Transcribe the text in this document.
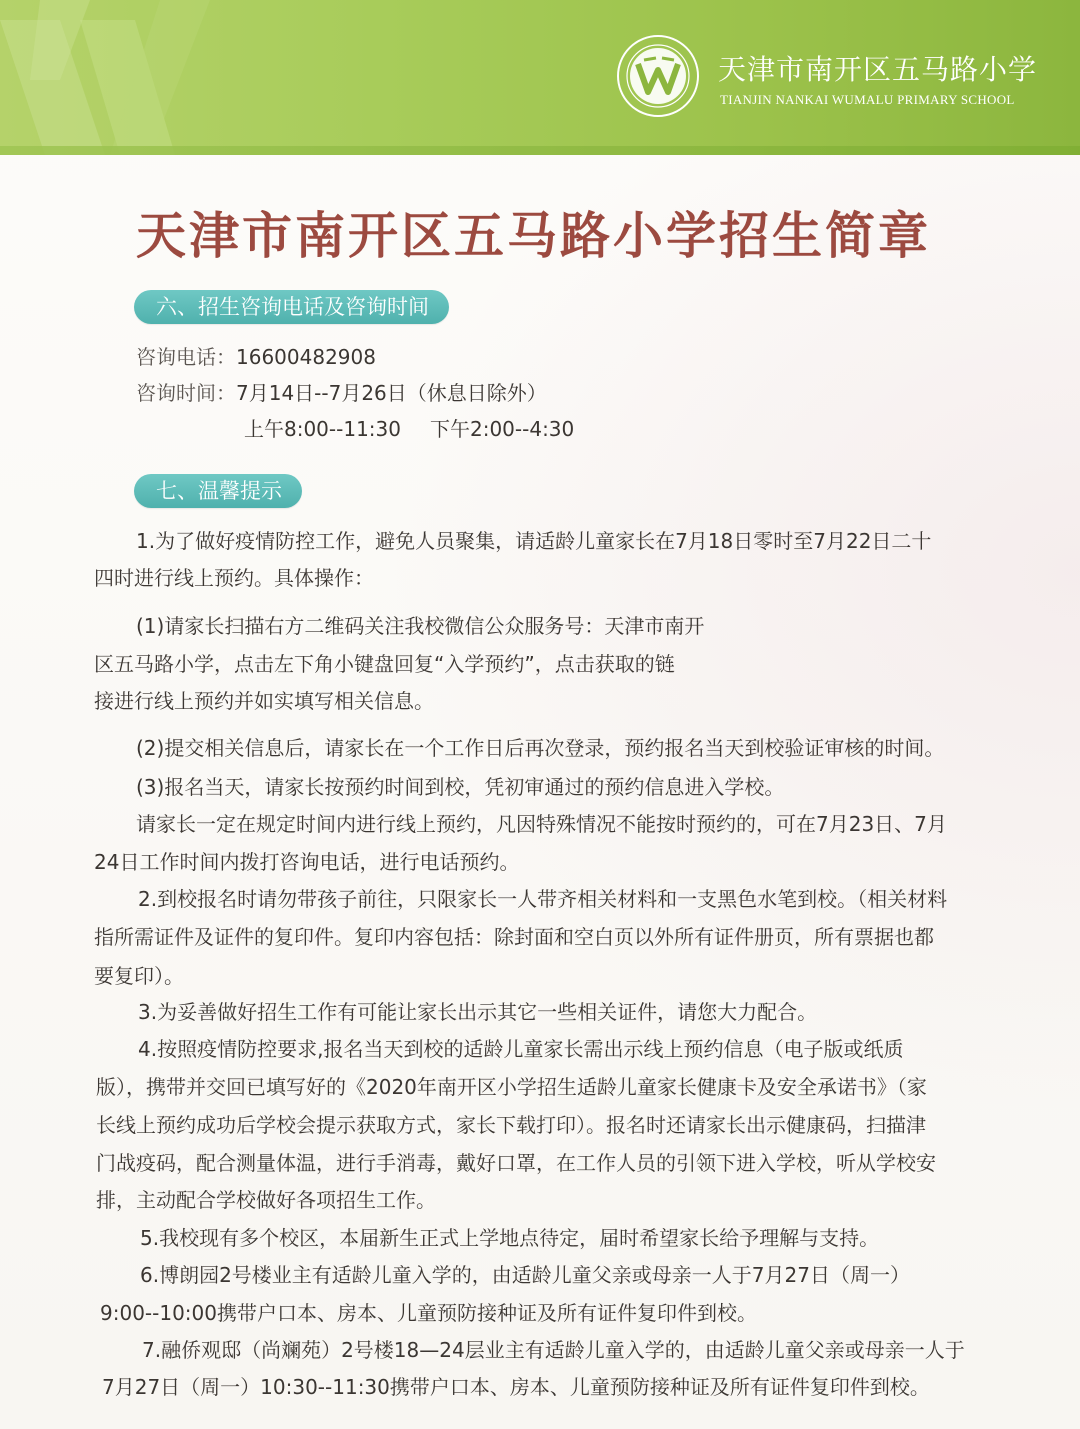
天津市南开区五马路小学
TIANJIN NANKAI WUMALU PRIMARY SCHOOL
天津市南开区五马路小学招生简章
六、招生咨询电话及咨询时间
咨询电话：16600482908
咨询时间：7月14日--7月26日（休息日除外）
上午8:00--11:30 下午2:00--4:30
七、温馨提示
1.为了做好疫情防控工作，避免人员聚集，请适龄儿童家长在7月18日零时至7月22日二十
四时进行线上预约。具体操作：
(1)请家长扫描右方二维码关注我校微信公众服务号：天津市南开
区五马路小学，点击左下角小键盘回复“入学预约”，点击获取的链
接进行线上预约并如实填写相关信息。
(2)提交相关信息后，请家长在一个工作日后再次登录，预约报名当天到校验证审核的时间。
(3)报名当天，请家长按预约时间到校，凭初审通过的预约信息进入学校。
请家长一定在规定时间内进行线上预约，凡因特殊情况不能按时预约的，可在7月23日、7月
24日工作时间内拨打咨询电话，进行电话预约。
2.到校报名时请勿带孩子前往，只限家长一人带齐相关材料和一支黑色水笔到校。（相关材料
指所需证件及证件的复印件。复印内容包括：除封面和空白页以外所有证件册页，所有票据也都
要复印）。
3.为妥善做好招生工作有可能让家长出示其它一些相关证件，请您大力配合。
4.按照疫情防控要求,报名当天到校的适龄儿童家长需出示线上预约信息（电子版或纸质
版），携带并交回已填写好的《2020年南开区小学招生适龄儿童家长健康卡及安全承诺书》（家
长线上预约成功后学校会提示获取方式，家长下载打印）。报名时还请家长出示健康码，扫描津
门战疫码，配合测量体温，进行手消毒，戴好口罩，在工作人员的引领下进入学校，听从学校安
排，主动配合学校做好各项招生工作。
5.我校现有多个校区，本届新生正式上学地点待定，届时希望家长给予理解与支持。
6.博朗园2号楼业主有适龄儿童入学的，由适龄儿童父亲或母亲一人于7月27日（周一）
9:00--10:00携带户口本、房本、儿童预防接种证及所有证件复印件到校。
7.融侨观邸（尚斓苑）2号楼18—24层业主有适龄儿童入学的，由适龄儿童父亲或母亲一人于
7月27日（周一）10:30--11:30携带户口本、房本、儿童预防接种证及所有证件复印件到校。
